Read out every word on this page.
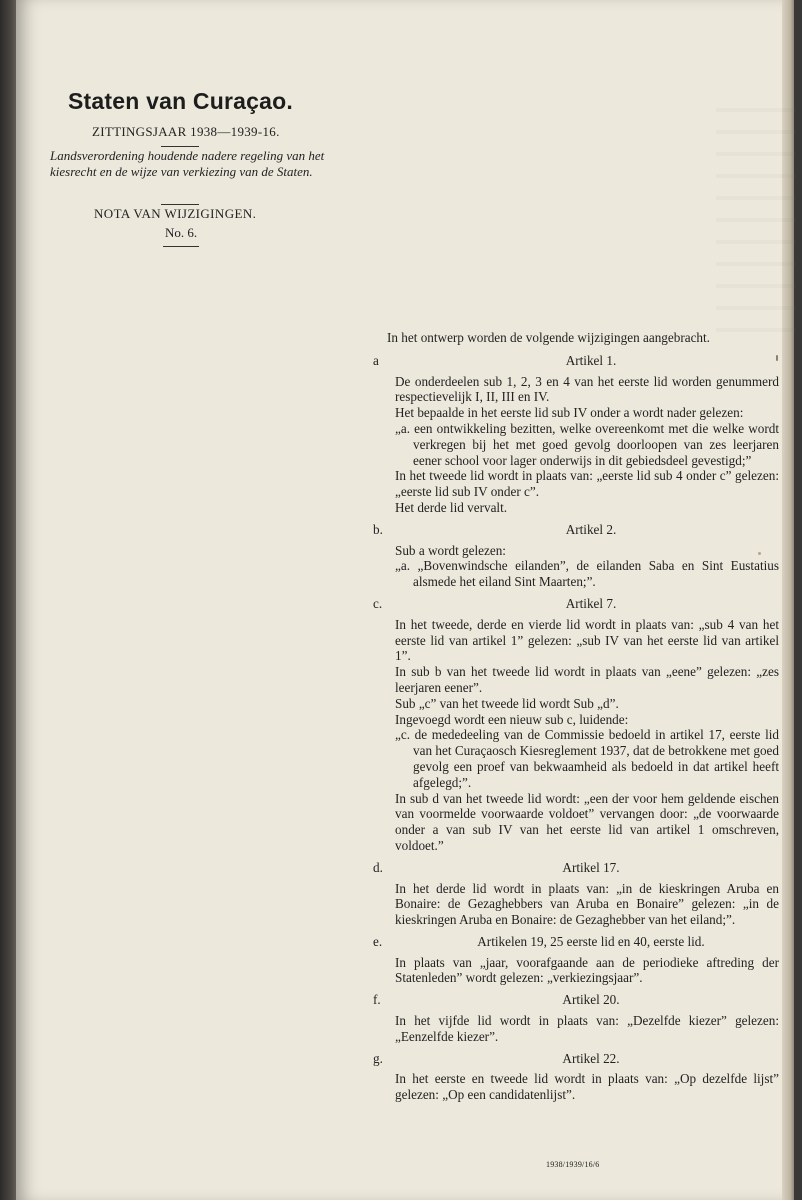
Staten van Curaçao.
ZITTINGSJAAR 1938—1939-16.
Landsverordening houdende nadere regeling van het kiesrecht en de wijze van verkiezing van de Staten.
NOTA VAN WIJZIGINGEN.
No. 6.

In het ontwerp worden de volgende wijzigingen aangebracht.

a	Artikel 1.

De onderdeelen sub 1, 2, 3 en 4 van het eerste lid worden genummerd respectievelijk I, II, III en IV.

Het bepaalde in het eerste lid sub IV onder a wordt nader gelezen:

„a. een ontwikkeling bezitten, welke overeenkomt met die welke wordt verkregen bij het met goed gevolg doorloopen van zes leerjaren eener school voor lager onderwijs in dit gebiedsdeel gevestigd;”

In het tweede lid wordt in plaats van: „eerste lid sub 4 onder c” gelezen: „eerste lid sub IV onder c”.

Het derde lid vervalt.

b.	Artikel 2.

Sub a wordt gelezen:

„a. „Bovenwindsche eilanden”, de eilanden Saba en Sint Eustatius alsmede het eiland Sint Maarten;”.

c.	Artikel 7.

In het tweede, derde en vierde lid wordt in plaats van: „sub 4 van het eerste lid van artikel 1” gelezen: „sub IV van het eerste lid van artikel 1”.

In sub b van het tweede lid wordt in plaats van „eene” gelezen: „zes leerjaren eener”.

Sub „c” van het tweede lid wordt Sub „d”.

Ingevoegd wordt een nieuw sub c, luidende:

„c. de mededeeling van de Commissie bedoeld in artikel 17, eerste lid van het Curaçaosch Kiesreglement 1937, dat de betrokkene met goed gevolg een proef van bekwaamheid als bedoeld in dat artikel heeft afgelegd;”.

In sub d van het tweede lid wordt: „een der voor hem geldende eischen van voormelde voorwaarde voldoet” vervangen door: „de voorwaarde onder a van sub IV van het eerste lid van artikel 1 omschreven, voldoet.”

d.	Artikel 17.

In het derde lid wordt in plaats van: „in de kieskringen Aruba en Bonaire: de Gezaghebbers van Aruba en Bonaire” gelezen: „in de kieskringen Aruba en Bonaire: de Gezaghebber van het eiland;”.

e.	Artikelen 19, 25 eerste lid en 40, eerste lid.

In plaats van „jaar, voorafgaande aan de periodieke aftreding der Statenleden” wordt gelezen: „verkiezingsjaar”.

f.	Artikel 20.

In het vijfde lid wordt in plaats van: „Dezelfde kiezer” gelezen: „Eenzelfde kiezer”.

g.	Artikel 22.

In het eerste en tweede lid wordt in plaats van: „Op dezelfde lijst” gelezen: „Op een candidatenlijst”.

1938/1939/16/6
